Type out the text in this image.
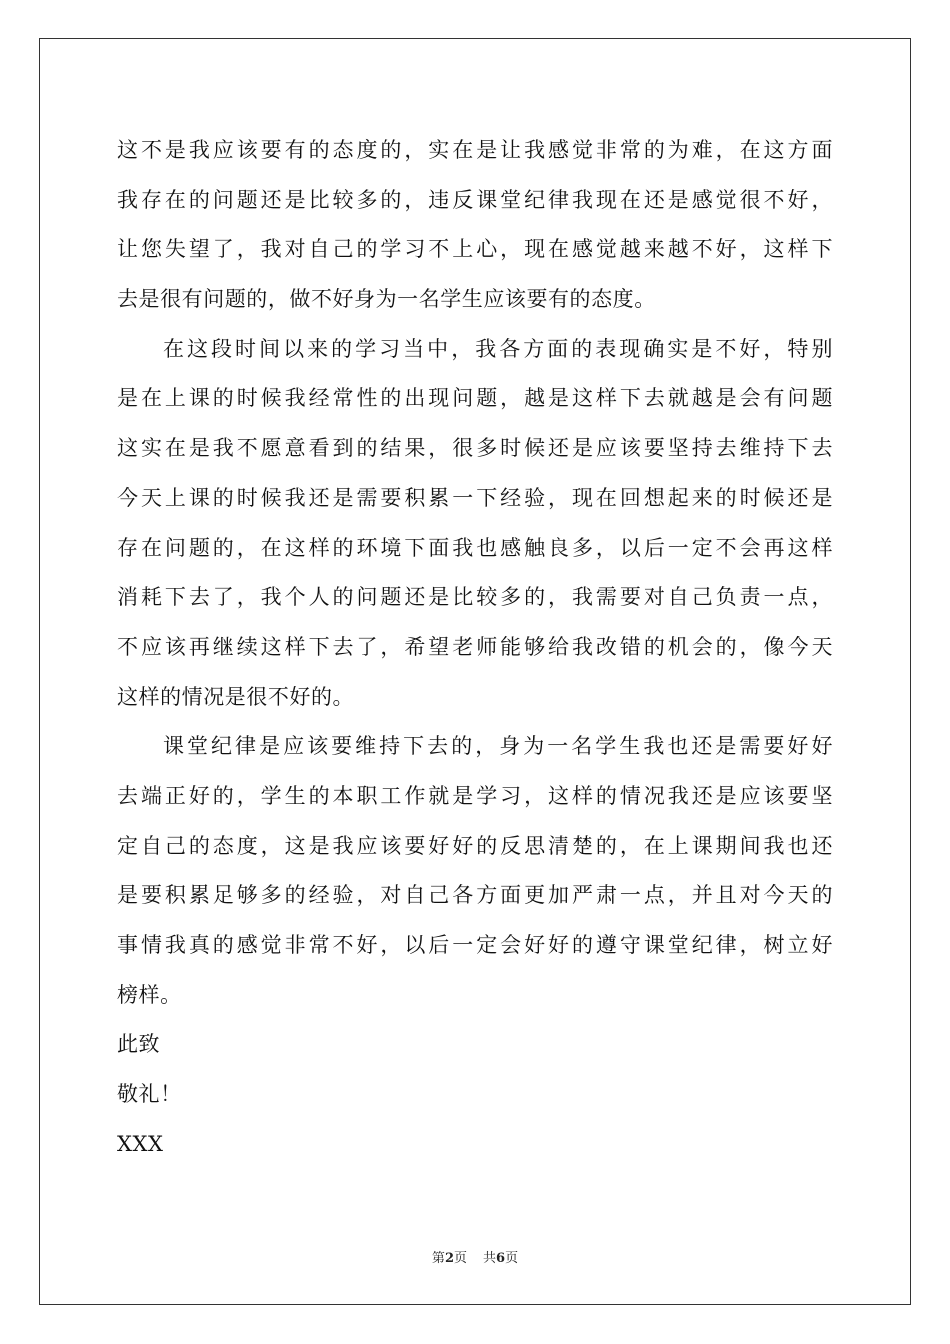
这不是我应该要有的态度的，实在是让我感觉非常的为难，在这方面
我存在的问题还是比较多的，违反课堂纪律我现在还是感觉很不好，
让您失望了，我对自己的学习不上心，现在感觉越来越不好，这样下
去是很有问题的，做不好身为一名学生应该要有的态度。
在这段时间以来的学习当中，我各方面的表现确实是不好，特别
是在上课的时候我经常性的出现问题，越是这样下去就越是会有问题
这实在是我不愿意看到的结果，很多时候还是应该要坚持去维持下去
今天上课的时候我还是需要积累一下经验，现在回想起来的时候还是
存在问题的，在这样的环境下面我也感触良多，以后一定不会再这样
消耗下去了，我个人的问题还是比较多的，我需要对自己负责一点，
不应该再继续这样下去了，希望老师能够给我改错的机会的，像今天
这样的情况是很不好的。
课堂纪律是应该要维持下去的，身为一名学生我也还是需要好好
去端正好的，学生的本职工作就是学习，这样的情况我还是应该要坚
定自己的态度，这是我应该要好好的反思清楚的，在上课期间我也还
是要积累足够多的经验，对自己各方面更加严肃一点，并且对今天的
事情我真的感觉非常不好，以后一定会好好的遵守课堂纪律，树立好
榜样。
此致
敬礼！
XXX
第2页 共6页
